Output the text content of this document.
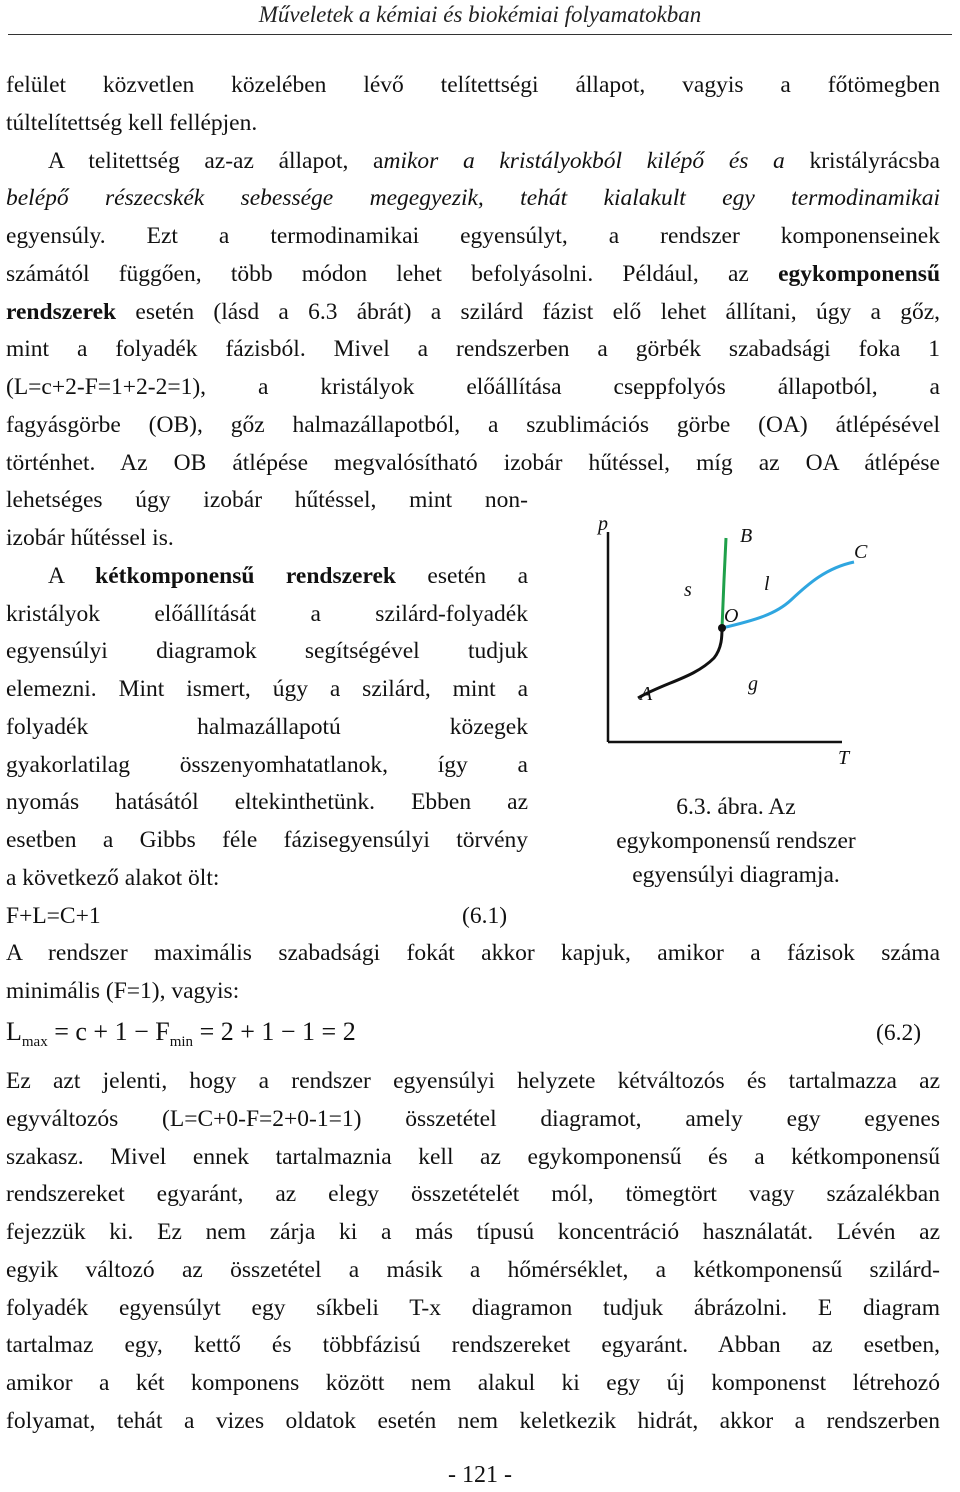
Műveletek a kémiai és biokémiai folyamatokban
felület közvetlen közelében lévő telítettségi állapot, vagyis a főtömegben
túltelítettség kell fellépjen.
A telitettség az-az állapot, amikor a kristályokból kilépő és a kristályrácsba
belépő részecskék sebessége megegyezik, tehát kialakult egy termodinamikai
egyensúly. Ezt a termodinamikai egyensúlyt, a rendszer komponenseinek
számától függően, több módon lehet befolyásolni. Például, az egykomponensű
rendszerek esetén (lásd a 6.3 ábrát) a szilárd fázist elő lehet állítani, úgy a gőz,
mint a folyadék fázisból. Mivel a rendszerben a görbék szabadsági foka 1
(L=c+2-F=1+2-2=1), a kristályok előállítása cseppfolyós állapotból, a
fagyásgörbe (OB), gőz halmazállapotból, a szublimációs görbe (OA) átlépésével
történhet. Az OB átlépése megvalósítható izobár hűtéssel, míg az OA átlépése
lehetséges úgy izobár hűtéssel, mint non-
izobár hűtéssel is.
A kétkomponensű rendszerek esetén a
kristályok előállítását a szilárd-folyadék
egyensúlyi diagramok segítségével tudjuk
elemezni. Mint ismert, úgy a szilárd, mint a
folyadék halmazállapotú közegek
gyakorlatilag összenyomhatatlanok, így a
nyomás hatásától eltekinthetünk. Ebben az
esetben a Gibbs féle fázisegyensúlyi törvény
a következő alakot ölt:
F+L=C+1	(6.1)
p
T
B
C
s	l
O
g
A
6.3. ábra. Az
egykomponensű rendszer
egyensúlyi diagramja.
A rendszer maximális szabadsági fokát akkor kapjuk, amikor a fázisok száma
minimális (F=1), vagyis:
$L_{max} = c + 1 - F_{min} = 2 + 1 - 1 = 2$	(6.2)
Ez azt jelenti, hogy a rendszer egyensúlyi helyzete kétváltozós és tartalmazza az
egyváltozós (L=C+0-F=2+0-1=1) összetétel diagramot, amely egy egyenes
szakasz. Mivel ennek tartalmaznia kell az egykomponensű és a kétkomponensű
rendszereket egyaránt, az elegy összetételét mól, tömegtört vagy százalékban
fejezzük ki. Ez nem zárja ki a más típusú koncentráció használatát. Lévén az
egyik változó az összetétel a másik a hőmérséklet, a kétkomponensű szilárd-
folyadék egyensúlyt egy síkbeli T-x diagramon tudjuk ábrázolni. E diagram
tartalmaz egy, kettő és többfázisú rendszereket egyaránt. Abban az esetben,
amikor a két komponens között nem alakul ki egy új komponenst létrehozó
folyamat, tehát a vizes oldatok esetén nem keletkezik hidrát, akkor a rendszerben
- 121 -
